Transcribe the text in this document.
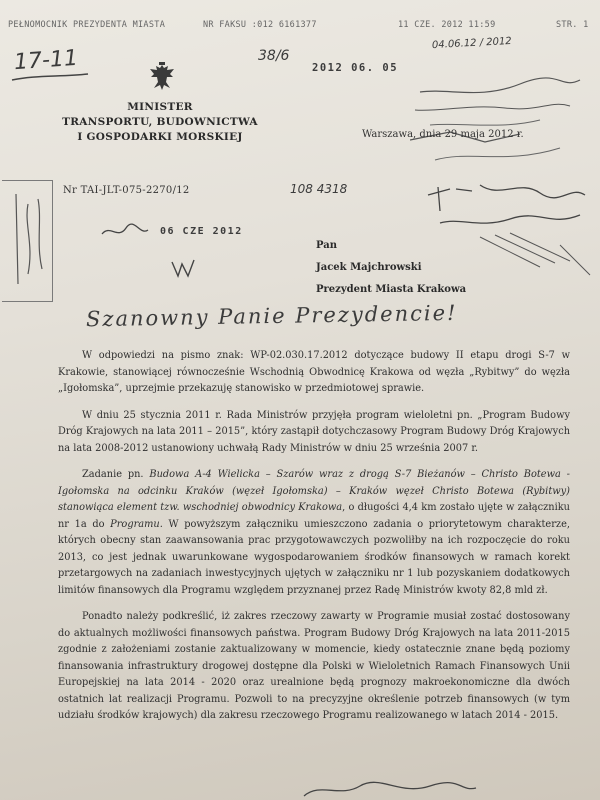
PEŁNOMOCNIK PREZYDENTA MIASTA	NR FAKSU :012 6161377	11 CZE. 2012 11:59	STR. 1
17-11
MINISTER
TRANSPORTU, BUDOWNICTWA
I GOSPODARKI MORSKIEJ
38/6
2012 06. 05
04.06.12 / 2012
Warszawa, dnia 29 maja 2012 r.
Nr TAI-JLT-075-2270/12	108 4318
06 CZE 2012
Pan
Jacek Majchrowski
Prezydent Miasta Krakowa
Szanowny Panie Prezydencie!

W odpowiedzi na pismo znak: WP-02.030.17.2012 dotyczące budowy II etapu drogi S-7 w Krakowie, stanowiącej równocześnie Wschodnią Obwodnicę Krakowa od węzła „Rybitwy” do węzła „Igołomska”, uprzejmie przekazuję stanowisko w przedmiotowej sprawie.

W dniu 25 stycznia 2011 r. Rada Ministrów przyjęła program wieloletni pn. „Program Budowy Dróg Krajowych na lata 2011 – 2015”, który zastąpił dotychczasowy Program Budowy Dróg Krajowych na lata 2008-2012 ustanowiony uchwałą Rady Ministrów w dniu 25 września 2007 r.

Zadanie pn. Budowa A-4 Wielicka – Szarów wraz z drogą S-7 Bieżanów – Christo Botewa - Igołomska na odcinku Kraków (węzeł Igołomska) – Kraków węzeł Christo Botewa (Rybitwy) stanowiąca element tzw. wschodniej obwodnicy Krakowa, o długości 4,4 km zostało ujęte w załączniku nr 1a do Programu. W powyższym załączniku umieszczono zadania o priorytetowym charakterze, których obecny stan zaawansowania prac przygotowawczych pozwoliłby na ich rozpoczęcie do roku 2013, co jest jednak uwarunkowane wygospodarowaniem środków finansowych w ramach korekt przetargowych na zadaniach inwestycyjnych ujętych w załączniku nr 1 lub pozyskaniem dodatkowych limitów finansowych dla Programu względem przyznanej przez Radę Ministrów kwoty 82,8 mld zł.

Ponadto należy podkreślić, iż zakres rzeczowy zawarty w Programie musiał zostać dostosowany do aktualnych możliwości finansowych państwa. Program Budowy Dróg Krajowych na lata 2011-2015 zgodnie z założeniami zostanie zaktualizowany w momencie, kiedy ostatecznie znane będą poziomy finansowania infrastruktury drogowej dostępne dla Polski w Wieloletnich Ramach Finansowych Unii Europejskiej na lata 2014 - 2020 oraz urealnione będą prognozy makroekonomiczne dla dwóch ostatnich lat realizacji Programu. Pozwoli to na precyzyjne określenie potrzeb finansowych (w tym udziału środków krajowych) dla zakresu rzeczowego Programu realizowanego w latach 2014 - 2015.
